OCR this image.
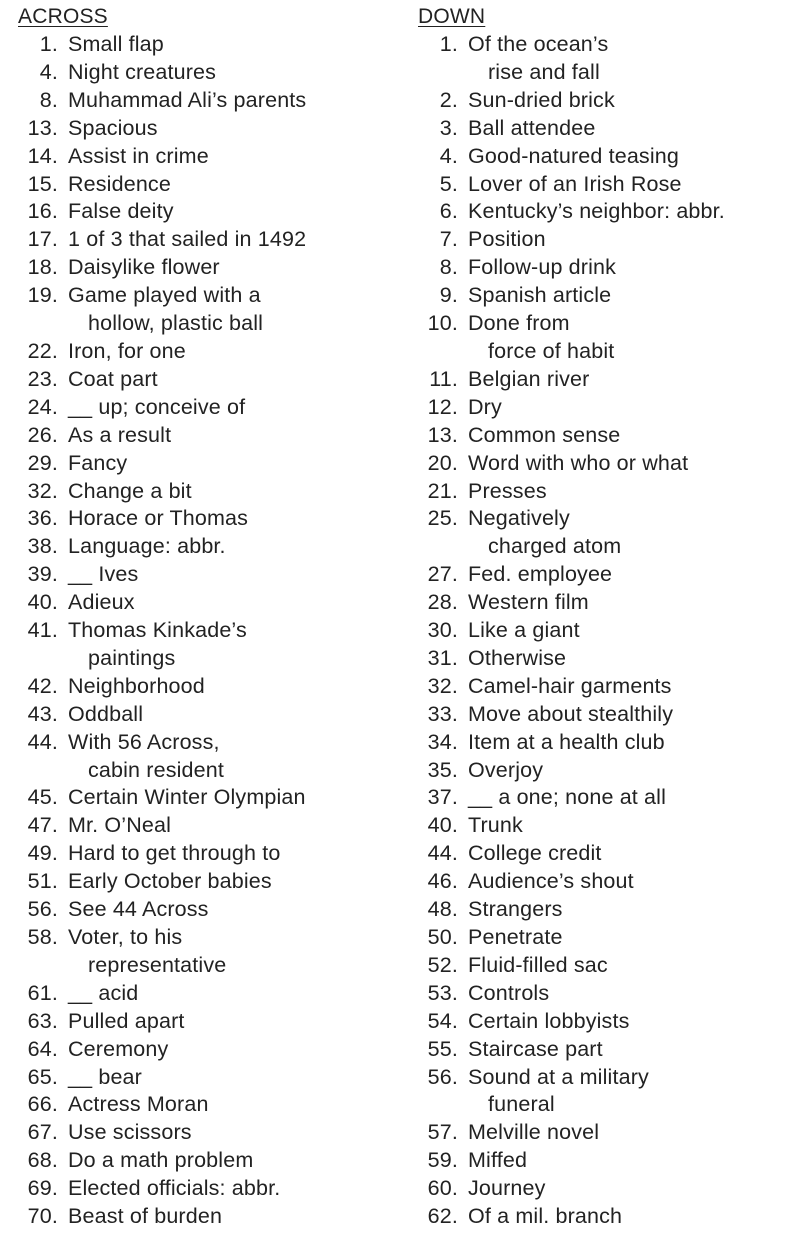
ACROSS
1. Small flap
4. Night creatures
8. Muhammad Ali’s parents
13. Spacious
14. Assist in crime
15. Residence
16. False deity
17. 1 of 3 that sailed in 1492
18. Daisylike flower
19. Game played with a
hollow, plastic ball
22. Iron, for one
23. Coat part
24. __ up; conceive of
26. As a result
29. Fancy
32. Change a bit
36. Horace or Thomas
38. Language: abbr.
39. __ Ives
40. Adieux
41. Thomas Kinkade’s
paintings
42. Neighborhood
43. Oddball
44. With 56 Across,
cabin resident
45. Certain Winter Olympian
47. Mr. O’Neal
49. Hard to get through to
51. Early October babies
56. See 44 Across
58. Voter, to his
representative
61. __ acid
63. Pulled apart
64. Ceremony
65. __ bear
66. Actress Moran
67. Use scissors
68. Do a math problem
69. Elected officials: abbr.
70. Beast of burden
DOWN
1. Of the ocean’s
rise and fall
2. Sun-dried brick
3. Ball attendee
4. Good-natured teasing
5. Lover of an Irish Rose
6. Kentucky’s neighbor: abbr.
7. Position
8. Follow-up drink
9. Spanish article
10. Done from
force of habit
11. Belgian river
12. Dry
13. Common sense
20. Word with who or what
21. Presses
25. Negatively
charged atom
27. Fed. employee
28. Western film
30. Like a giant
31. Otherwise
32. Camel-hair garments
33. Move about stealthily
34. Item at a health club
35. Overjoy
37. __ a one; none at all
40. Trunk
44. College credit
46. Audience’s shout
48. Strangers
50. Penetrate
52. Fluid-filled sac
53. Controls
54. Certain lobbyists
55. Staircase part
56. Sound at a military
funeral
57. Melville novel
59. Miffed
60. Journey
62. Of a mil. branch
